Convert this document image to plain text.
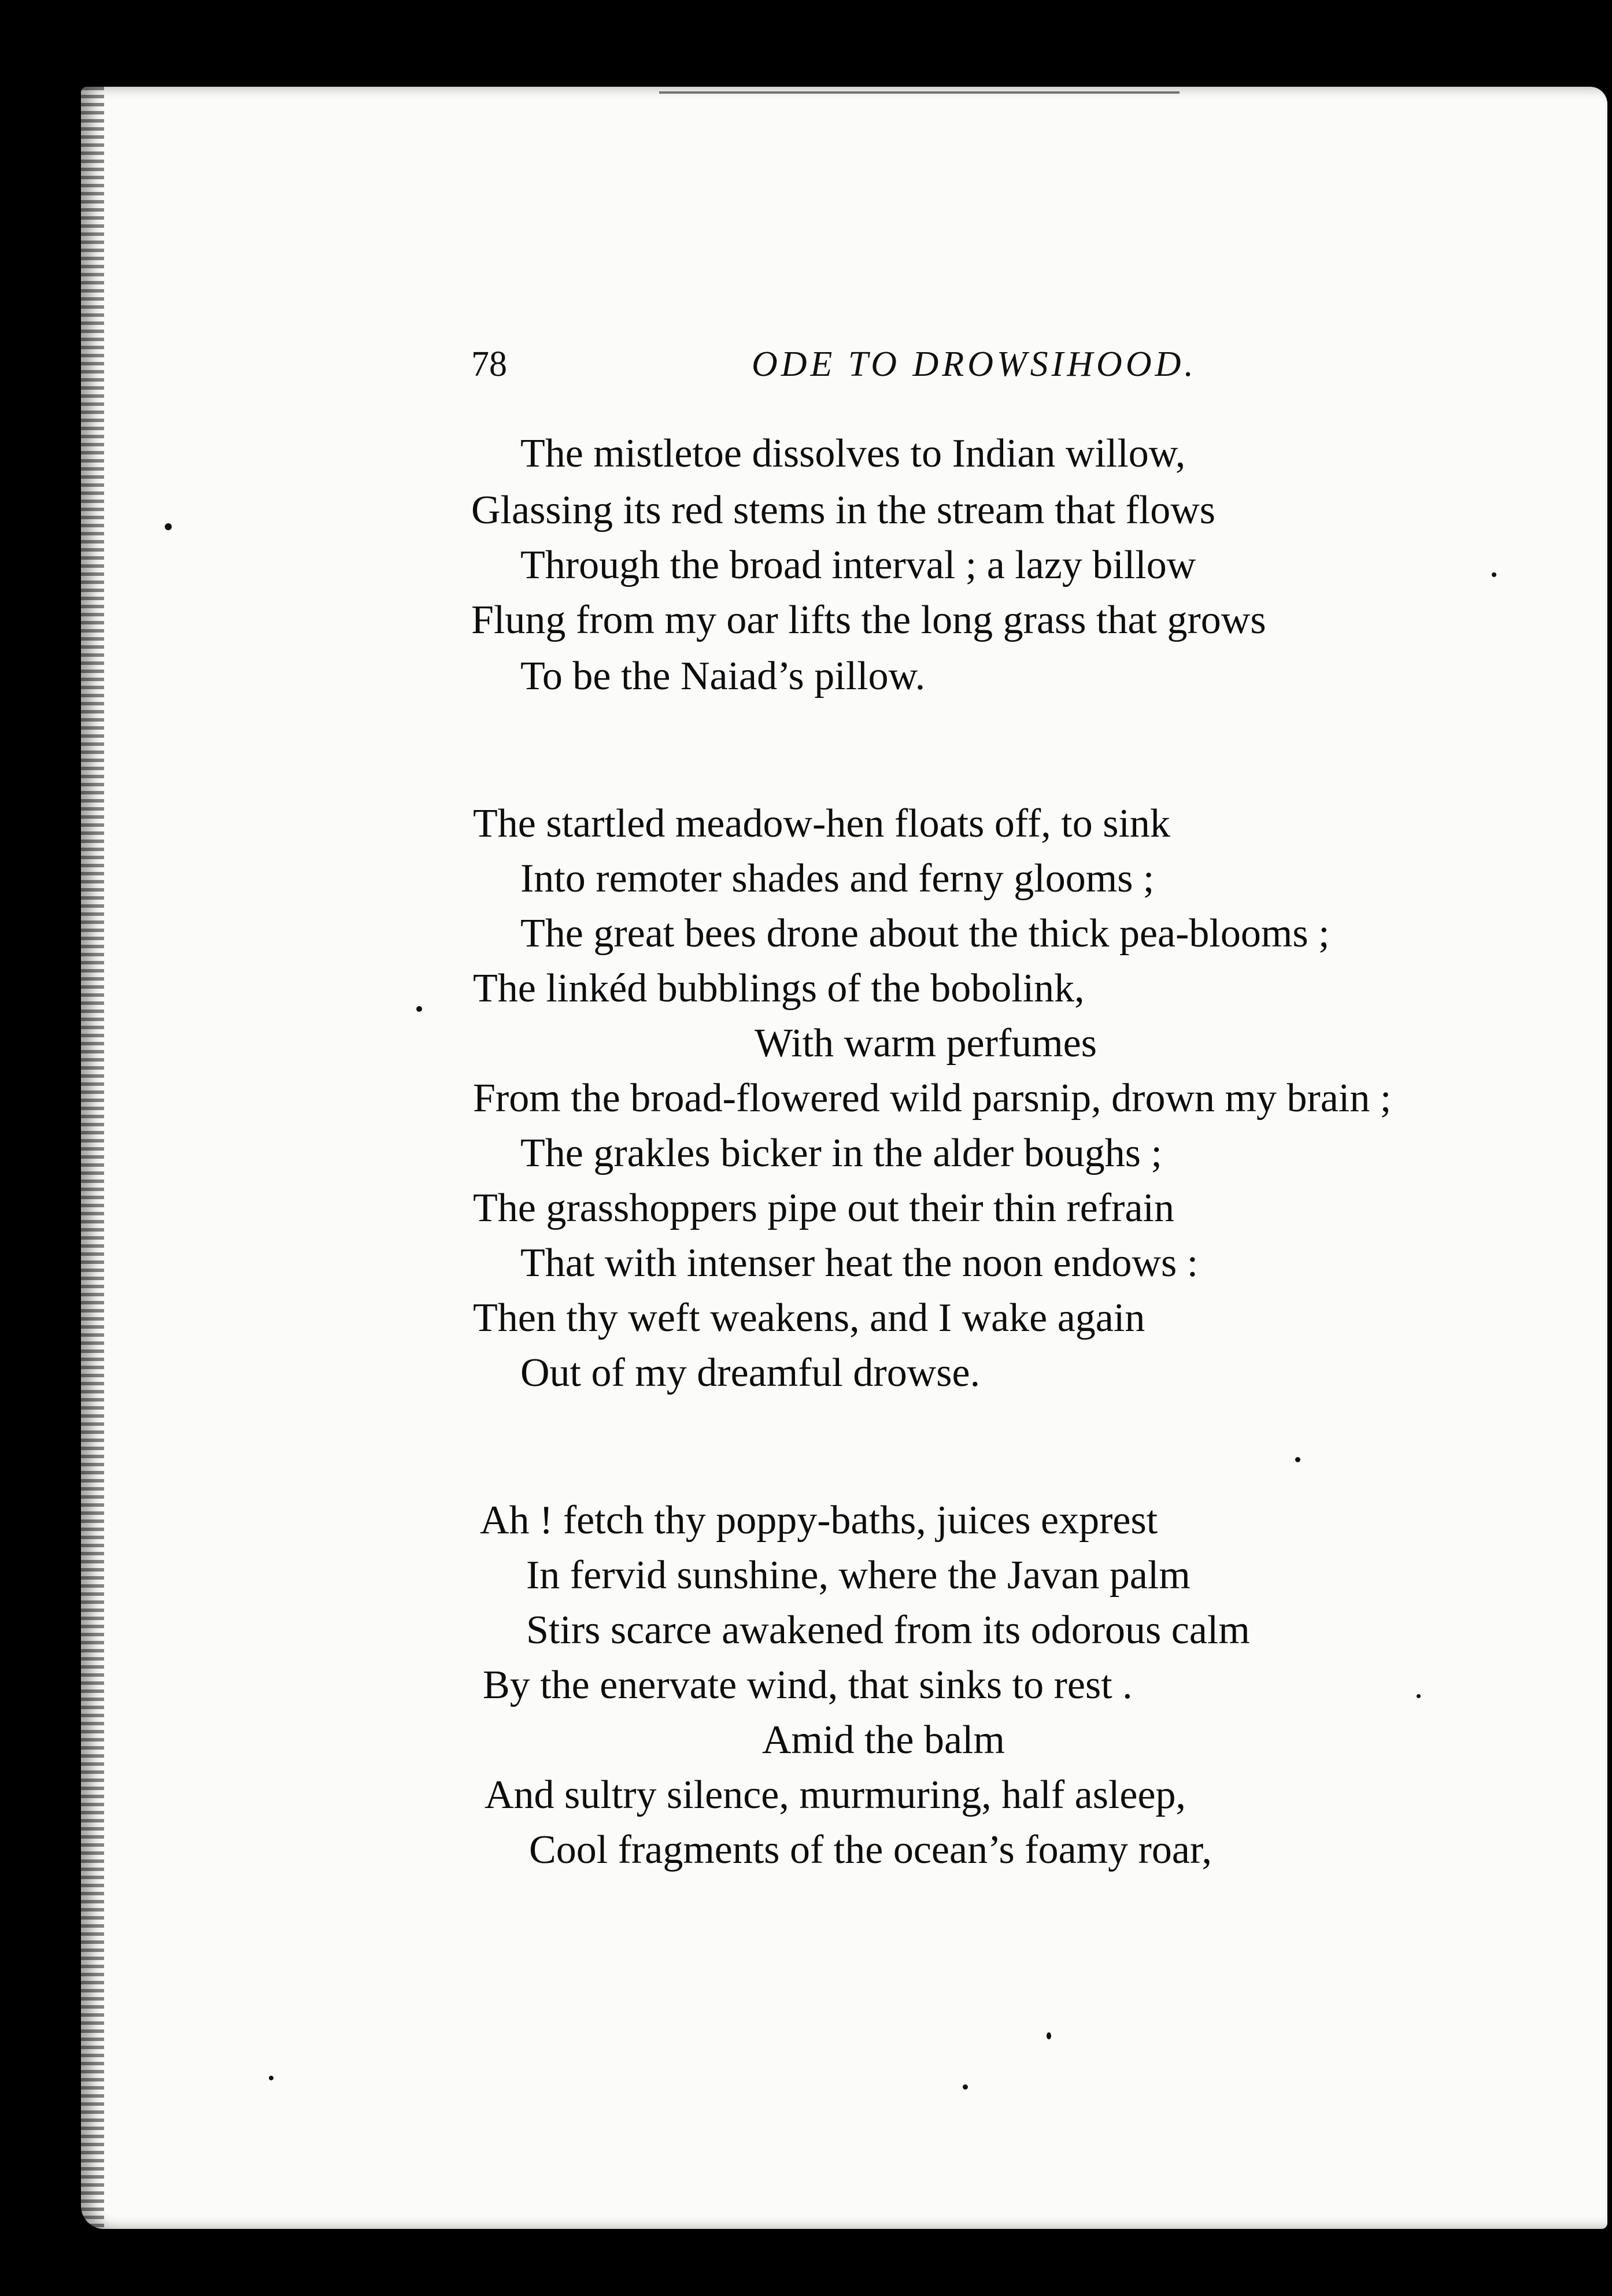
78	ODE TO DROWSIHOOD.
The mistletoe dissolves to Indian willow,
Glassing its red stems in the stream that flows
Through the broad interval ; a lazy billow
Flung from my oar lifts the long grass that grows
To be the Naiad’s pillow.
The startled meadow-hen floats off, to sink
Into remoter shades and ferny glooms ;
The great bees drone about the thick pea-blooms ;
The linkéd bubblings of the bobolink,
With warm perfumes
From the broad-flowered wild parsnip, drown my brain ;
The grakles bicker in the alder boughs ;
The grasshoppers pipe out their thin refrain
That with intenser heat the noon endows :
Then thy weft weakens, and I wake again
Out of my dreamful drowse.
Ah ! fetch thy poppy-baths, juices exprest
In fervid sunshine, where the Javan palm
Stirs scarce awakened from its odorous calm
By the enervate wind, that sinks to rest .
Amid the balm
And sultry silence, murmuring, half asleep,
Cool fragments of the ocean’s foamy roar,
